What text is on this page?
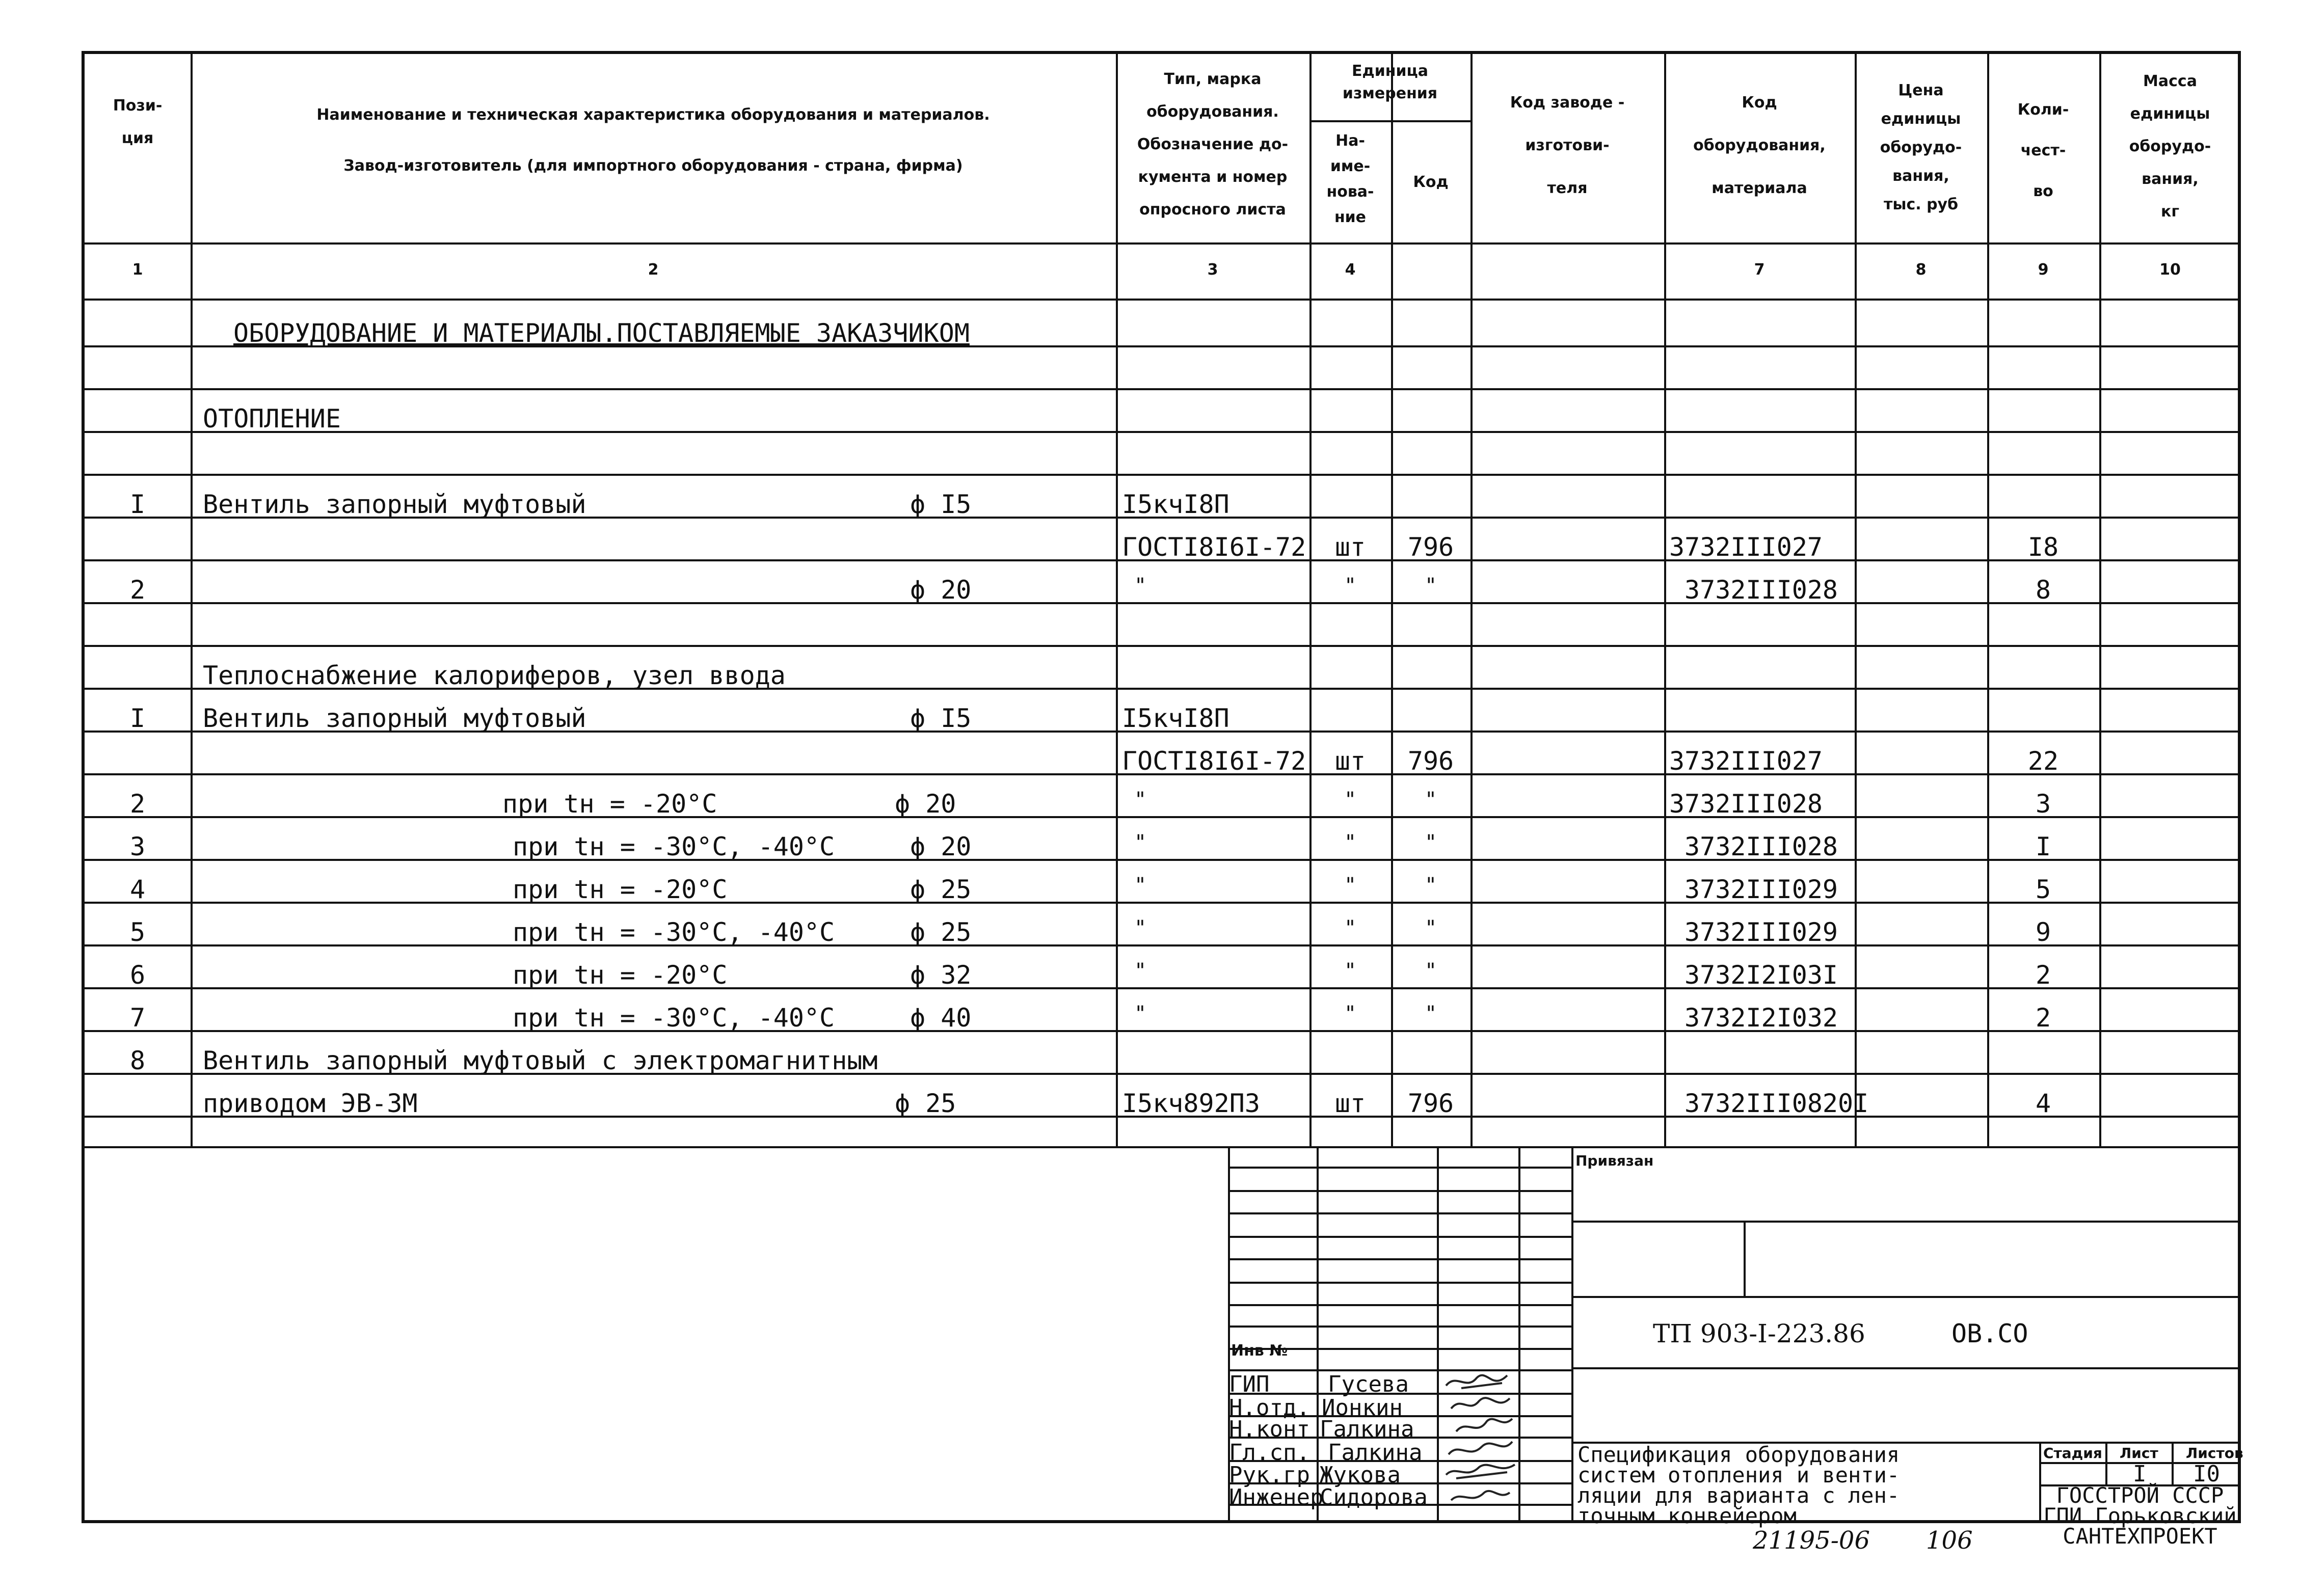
Пози-
ция
Наименование и техническая характеристика оборудования и материалов.
Завод-изготовитель (для импортного оборудования - страна, фирма)
Тип, марка
оборудования.
Обозначение до-
кумента и номер
опросного листа
Единица
измерения
На-
име-
нова-
ние
Код
Код заводе -
изготови-
теля
Код
оборудования,
материала
Цена
единицы
оборудо-
вания,
тыс. руб
Коли-
чест-
во
Масса
единицы
оборудо-
вания,
кг
1	2	3	4	7	8	9	10
ОБОРУДОВАНИЕ И МАТЕРИАЛЫ.ПОСТАВЛЯЕМЫЕ ЗАКАЗЧИКОМ
ОТОПЛЕНИЕ
I	Вентиль запорный муфтовый	ϕ I5	I5кчI8П
ГОСТI8I6I-72	шт	796	3732III027	I8
2	ϕ 20	"	"	"	3732III028	8
Теплоснабжение калориферов, узел ввода
I	Вентиль запорный муфтовый	ϕ I5	I5кчI8П
ГОСТI8I6I-72	шт	796	3732III027	22
2	при tн = -20°C	ϕ 20	"	"	"	3732III028	3
3	при tн = -30°C, -40°C	ϕ 20	"	"	"	3732III028	I
4	при tн = -20°C	ϕ 25	"	"	"	3732III029	5
5	при tн = -30°C, -40°C	ϕ 25	"	"	"	3732III029	9
6	при tн = -20°C	ϕ 32	"	"	"	3732I2I03I	2
7	при tн = -30°C, -40°C	ϕ 40	"	"	"	3732I2I032	2
8	Вентиль запорный муфтовый с электромагнитным
приводом ЭВ-3М	ϕ 25	I5кч892П3	шт	796	3732III0820I	4
Привязан
Инв №
ГИП
Н.отд.
Н.конт
Гл.сп.
Рук.гр
Инженер
Гусева
Ионкин
Галкина
Галкина
Жукова
Сидорова
ТП 903-I-223.86	ОВ.СО
Спецификация оборудования
систем отопления и венти-
ляции для варианта с лен-
точным конвейером
Стадия Лист Листов
I I0
ГОССТРОЙ СССР
ГПИ Горьковский
САНТЕХПРОЕКТ
21195-06 106
